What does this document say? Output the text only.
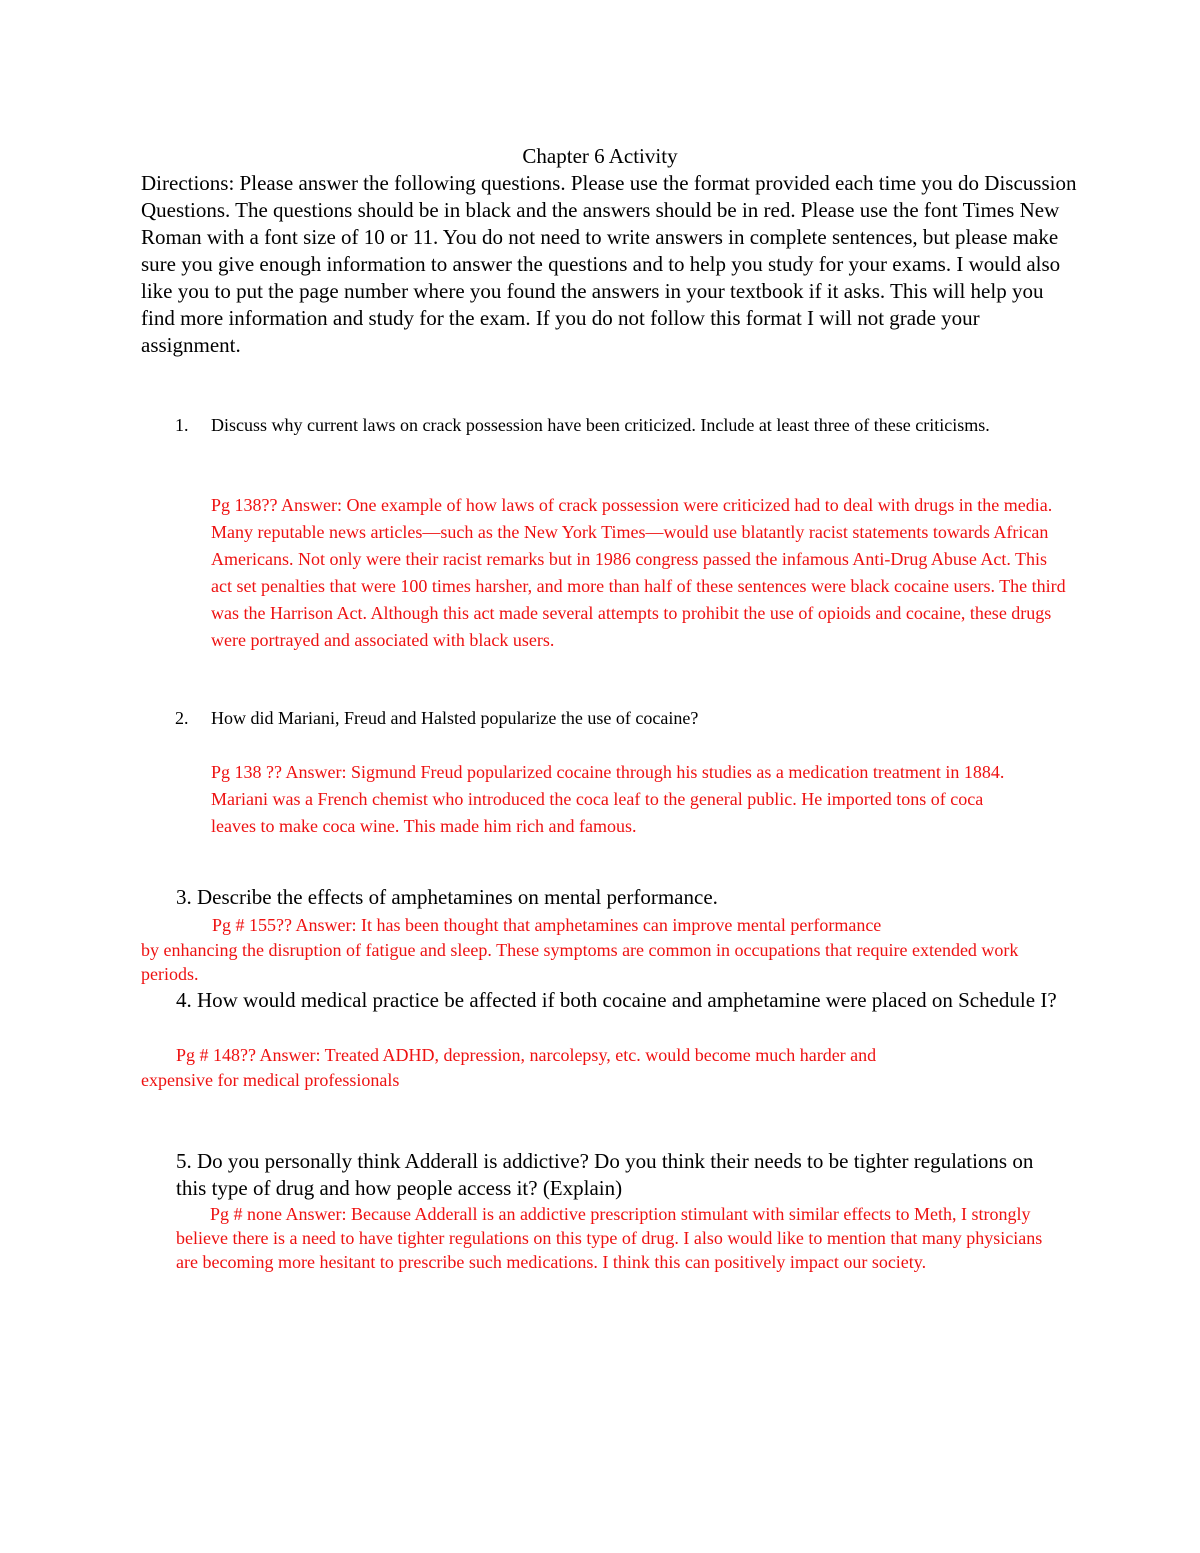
Chapter 6 Activity
Directions: Please answer the following questions. Please use the format provided each time you do Discussion Questions. The questions should be in black and the answers should be in red. Please use the font Times New Roman with a font size of 10 or 11. You do not need to write answers in complete sentences, but please make sure you give enough information to answer the questions and to help you study for your exams. I would also like you to put the page number where you found the answers in your textbook if it asks. This will help you find more information and study for the exam. If you do not follow this format I will not grade your assignment.
1. Discuss why current laws on crack possession have been criticized. Include at least three of these criticisms.
Pg 138?? Answer: One example of how laws of crack possession were criticized had to deal with drugs in the media. Many reputable news articles—such as the New York Times—would use blatantly racist statements towards African Americans. Not only were their racist remarks but in 1986 congress passed the infamous Anti-Drug Abuse Act. This act set penalties that were 100 times harsher, and more than half of these sentences were black cocaine users. The third was the Harrison Act. Although this act made several attempts to prohibit the use of opioids and cocaine, these drugs were portrayed and associated with black users.
2. How did Mariani, Freud and Halsted popularize the use of cocaine?
Pg 138 ?? Answer: Sigmund Freud popularized cocaine through his studies as a medication treatment in 1884. Mariani was a French chemist who introduced the coca leaf to the general public. He imported tons of coca leaves to make coca wine. This made him rich and famous.
3. Describe the effects of amphetamines on mental performance.
Pg # 155?? Answer: It has been thought that amphetamines can improve mental performance
by enhancing the disruption of fatigue and sleep. These symptoms are common in occupations that require extended work periods.
4. How would medical practice be affected if both cocaine and amphetamine were placed on Schedule I?
Pg # 148?? Answer: Treated ADHD, depression, narcolepsy, etc. would become much harder and
expensive for medical professionals
5. Do you personally think Adderall is addictive? Do you think their needs to be tighter regulations on this type of drug and how people access it? (Explain)
Pg # none Answer: Because Adderall is an addictive prescription stimulant with similar effects to Meth, I strongly believe there is a need to have tighter regulations on this type of drug. I also would like to mention that many physicians are becoming more hesitant to prescribe such medications. I think this can positively impact our society.
